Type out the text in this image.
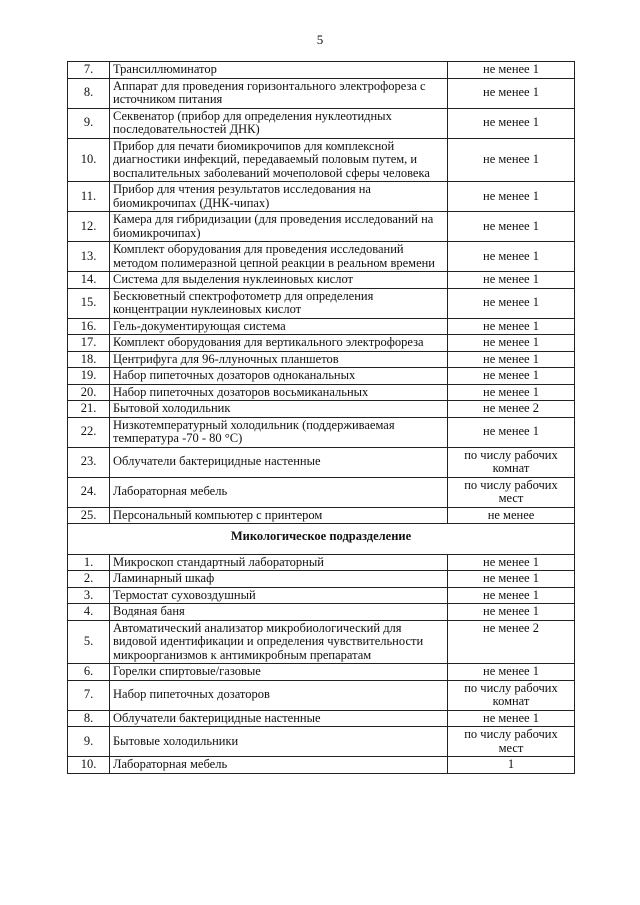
5
7.	Трансиллюминатор	не менее 1
8.	Аппарат для проведения горизонтального электрофореза с источником питания	не менее 1
9.	Секвенатор (прибор для определения нуклеотидных последовательностей ДНК)	не менее 1
10.	Прибор для печати биомикрочипов для комплексной диагностики инфекций, передаваемый половым путем, и воспалительных заболеваний мочеполовой сферы человека	не менее 1
11.	Прибор для чтения результатов исследования на биомикрочипах (ДНК-чипах)	не менее 1
12.	Камера для гибридизации (для проведения исследований на биомикрочипах)	не менее 1
13.	Комплект оборудования для проведения исследований методом полимеразной цепной реакции в реальном времени	не менее 1
14.	Система для выделения нуклеиновых кислот	не менее 1
15.	Бескюветный спектрофотометр для определения концентрации нуклеиновых кислот	не менее 1
16.	Гель-документирующая система	не менее 1
17.	Комплект оборудования для вертикального электрофореза	не менее 1
18.	Центрифуга для 96-ллуночных планшетов	не менее 1
19.	Набор пипеточных дозаторов одноканальных	не менее 1
20.	Набор пипеточных дозаторов восьмиканальных	не менее 1
21.	Бытовой холодильник	не менее 2
22.	Низкотемпературный холодильник (поддерживаемая температура -70 - 80 °С)	не менее 1
23.	Облучатели бактерицидные настенные	по числу рабочих комнат
24.	Лабораторная мебель	по числу рабочих мест
25.	Персональный компьютер с принтером	не менее
Микологическое подразделение		
1.	Микроскоп стандартный лабораторный	не менее 1
2.	Ламинарный шкаф	не менее 1
3.	Термостат суховоздушный	не менее 1
4.	Водяная баня	не менее 1
5.	Автоматический анализатор микробиологический для видовой идентификации и определения чувствительности микроорганизмов к антимикробным препаратам	не менее 2
6.	Горелки спиртовые/газовые	не менее 1
7.	Набор пипеточных дозаторов	по числу рабочих комнат
8.	Облучатели бактерицидные настенные	не менее 1
9.	Бытовые холодильники	по числу рабочих мест
10.	Лабораторная мебель	1
